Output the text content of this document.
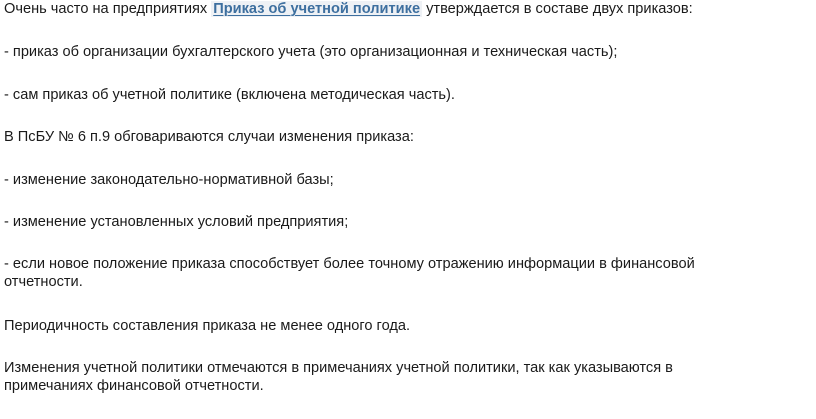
Очень часто на предприятиях Приказ об учетной политике утверждается в составе двух приказов:

- приказ об организации бухгалтерского учета (это организационная и техническая часть);

- сам приказ об учетной политике (включена методическая часть).

В ПсБУ № 6 п.9 обговариваются случаи изменения приказа:

- изменение законодательно-нормативной базы;

- изменение установленных условий предприятия;

- если новое положение приказа способствует более точному отражению информации в финансовой отчетности.

Периодичность составления приказа не менее одного года.

Изменения учетной политики отмечаются в примечаниях учетной политики, так как указываются в примечаниях финансовой отчетности.
